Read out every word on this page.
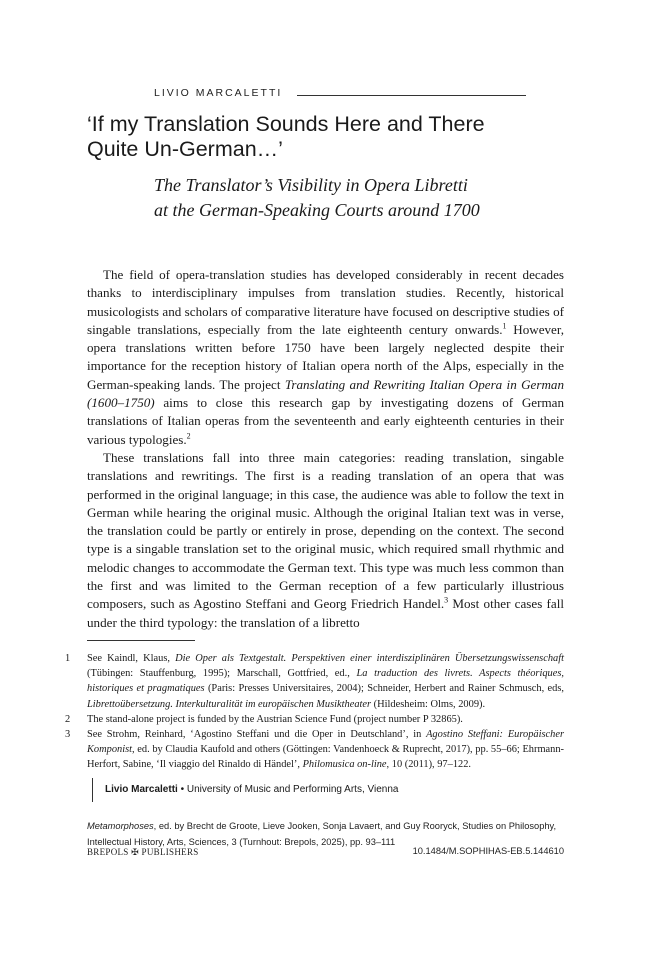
LIVIO MARCALETTI
‘If my Translation Sounds Here and There
Quite Un-German…’
The Translator’s Visibility in Opera Libretti
at the German-Speaking Courts around 1700

The field of opera-translation studies has developed considerably in recent decades thanks to interdisciplinary impulses from translation studies. Recently, historical musicologists and scholars of comparative literature have focused on descriptive studies of singable translations, especially from the late eighteenth century onwards.$^1$ However, opera translations written before 1750 have been largely neglected despite their importance for the reception history of Italian opera north of the Alps, especially in the German-speaking lands. The project Translating and Rewriting Italian Opera in German (1600–1750) aims to close this research gap by investigating dozens of German translations of Italian operas from the seventeenth and early eighteenth centuries in their various typologies.$^2$

These translations fall into three main categories: reading translation, singable translations and rewritings. The first is a reading translation of an opera that was performed in the original language; in this case, the audience was able to follow the text in German while hearing the original music. Although the original Italian text was in verse, the translation could be partly or entirely in prose, depending on the context. The second type is a singable translation set to the original music, which required small rhythmic and melodic changes to accommodate the German text. This type was much less common than the first and was limited to the German reception of a few particularly illustrious composers, such as Agostino Steffani and Georg Friedrich Handel.$^3$ Most other cases fall under the third typology: the translation of a libretto

1 See Kaindl, Klaus, Die Oper als Textgestalt. Perspektiven einer interdisziplinären Übersetzungswissenschaft (Tübingen: Stauffenburg, 1995); Marschall, Gottfried, ed., La traduction des livrets. Aspects théoriques, historiques et pragmatiques (Paris: Presses Universitaires, 2004); Schneider, Herbert and Rainer Schmusch, eds, Librettoübersetzung. Interkulturalität im europäischen Musiktheater (Hildesheim: Olms, 2009).
2 The stand-alone project is funded by the Austrian Science Fund (project number P 32865).
3 See Strohm, Reinhard, ‘Agostino Steffani und die Oper in Deutschland’, in Agostino Steffani: Europäischer Komponist, ed. by Claudia Kaufold and others (Göttingen: Vandenhoeck & Ruprecht, 2017), pp. 55–66; Ehrmann-Herfort, Sabine, ‘Il viaggio del Rinaldo di Händel’, Philomusica on-line, 10 (2011), 97–122.
Livio Marcaletti • University of Music and Performing Arts, Vienna
Metamorphoses, ed. by Brecht de Groote, Lieve Jooken, Sonja Lavaert, and Guy Rooryck, Studies on Philosophy,
Intellectual History, Arts, Sciences, 3 (Turnhout: Brepols, 2025), pp. 93–111
BREPOLS ✠ PUBLISHERS	10.1484/M.SOPHIHAS-EB.5.144610
